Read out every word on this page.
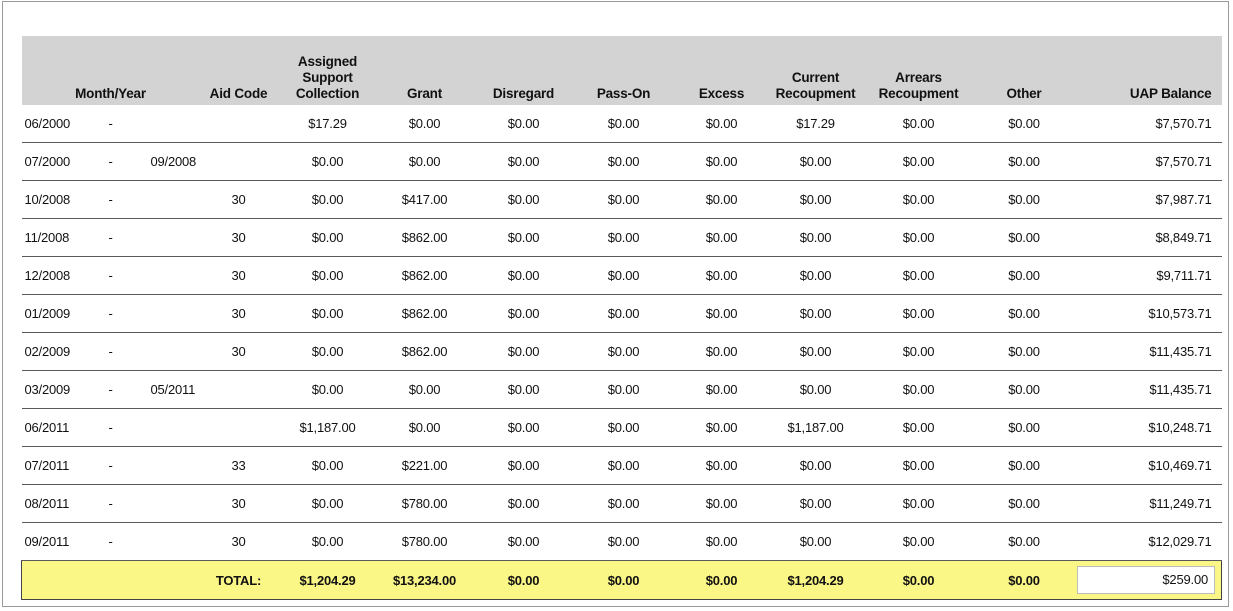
Month/Year	Aid Code	Assigned
Support
Collection	Grant	Disregard	Pass-On	Excess	Current
Recoupment	Arrears
Recoupment	Other	UAP Balance
06/2000 -		$17.29	$0.00	$0.00	$0.00	$0.00	$17.29	$0.00	$0.00	$7,570.71
07/2000 - 09/2008		$0.00	$0.00	$0.00	$0.00	$0.00	$0.00	$0.00	$0.00	$7,570.71
10/2008 -	30	$0.00	$417.00	$0.00	$0.00	$0.00	$0.00	$0.00	$0.00	$7,987.71
11/2008 -	30	$0.00	$862.00	$0.00	$0.00	$0.00	$0.00	$0.00	$0.00	$8,849.71
12/2008 -	30	$0.00	$862.00	$0.00	$0.00	$0.00	$0.00	$0.00	$0.00	$9,711.71
01/2009 -	30	$0.00	$862.00	$0.00	$0.00	$0.00	$0.00	$0.00	$0.00	$10,573.71
02/2009 -	30	$0.00	$862.00	$0.00	$0.00	$0.00	$0.00	$0.00	$0.00	$11,435.71
03/2009 - 05/2011		$0.00	$0.00	$0.00	$0.00	$0.00	$0.00	$0.00	$0.00	$11,435.71
06/2011 -		$1,187.00	$0.00	$0.00	$0.00	$0.00	$1,187.00	$0.00	$0.00	$10,248.71
07/2011 -	33	$0.00	$221.00	$0.00	$0.00	$0.00	$0.00	$0.00	$0.00	$10,469.71
08/2011 -	30	$0.00	$780.00	$0.00	$0.00	$0.00	$0.00	$0.00	$0.00	$11,249.71
09/2011 -	30	$0.00	$780.00	$0.00	$0.00	$0.00	$0.00	$0.00	$0.00	$12,029.71
	TOTAL:	$1,204.29	$13,234.00	$0.00	$0.00	$0.00	$1,204.29	$0.00	$0.00	$259.00
